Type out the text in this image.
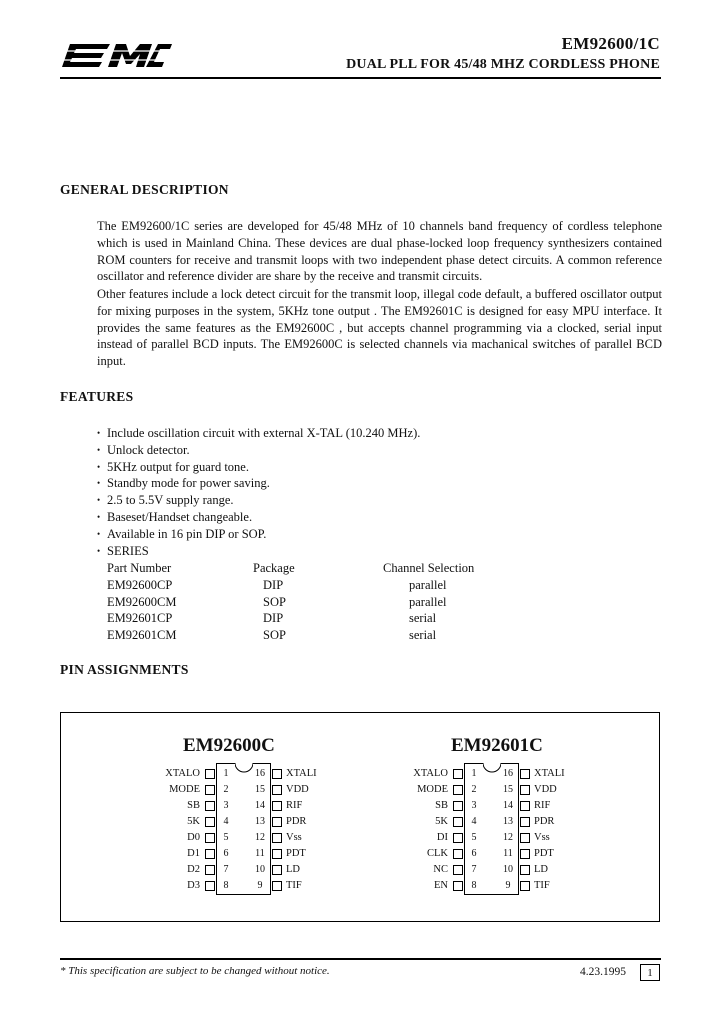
EM92600/1C
DUAL PLL FOR 45/48 MHZ CORDLESS PHONE
GENERAL DESCRIPTION
The EM92600/1C series are developed for 45/48 MHz of 10 channels band frequency of cordless telephone which is used in Mainland China. These devices are dual phase-locked loop frequency synthesizers contained ROM counters for receive and transmit loops with two independent phase detect circuits. A common reference oscillator and reference divider are share by the receive and transmit circuits.
Other features include a lock detect circuit for the transmit loop, illegal code default, a buffered oscillator output for mixing purposes in the system, 5KHz tone output . The EM92601C is designed for easy MPU interface. It provides the same features as the EM92600C , but accepts channel programming via a clocked, serial input instead of parallel BCD inputs. The EM92600C is selected channels via machanical switches of parallel BCD input.
FEATURES
• Include oscillation circuit with external X-TAL (10.240 MHz).
• Unlock detector.
• 5KHz output for guard tone.
• Standby mode for power saving.
• 2.5 to 5.5V supply range.
• Baseset/Handset changeable.
• Available in 16 pin DIP or SOP.
• SERIES
Part Number	Package	Channel Selection
EM92600CP	DIP	parallel
EM92600CM	SOP	parallel
EM92601CP	DIP	serial
EM92601CM	SOP	serial
PIN ASSIGNMENTS
EM92600C
XTALO	1	16 XTALI
MODE	2	15 VDD
SB	3	14 RIF
5K	4	13 PDR
D0	5	12 Vss
D1	6	11 PDT
D2	7	10 LD
D3	8	9	TIF
EM92601C
XTALO	1	16 XTALI
MODE	2	15 VDD
SB	3	14 RIF
5K	4	13 PDR
DI	5	12 Vss
CLK	6	11 PDT
NC	7	10 LD
EN	8	9	TIF
* This specification are subject to be changed without notice.	4.23.1995	1
